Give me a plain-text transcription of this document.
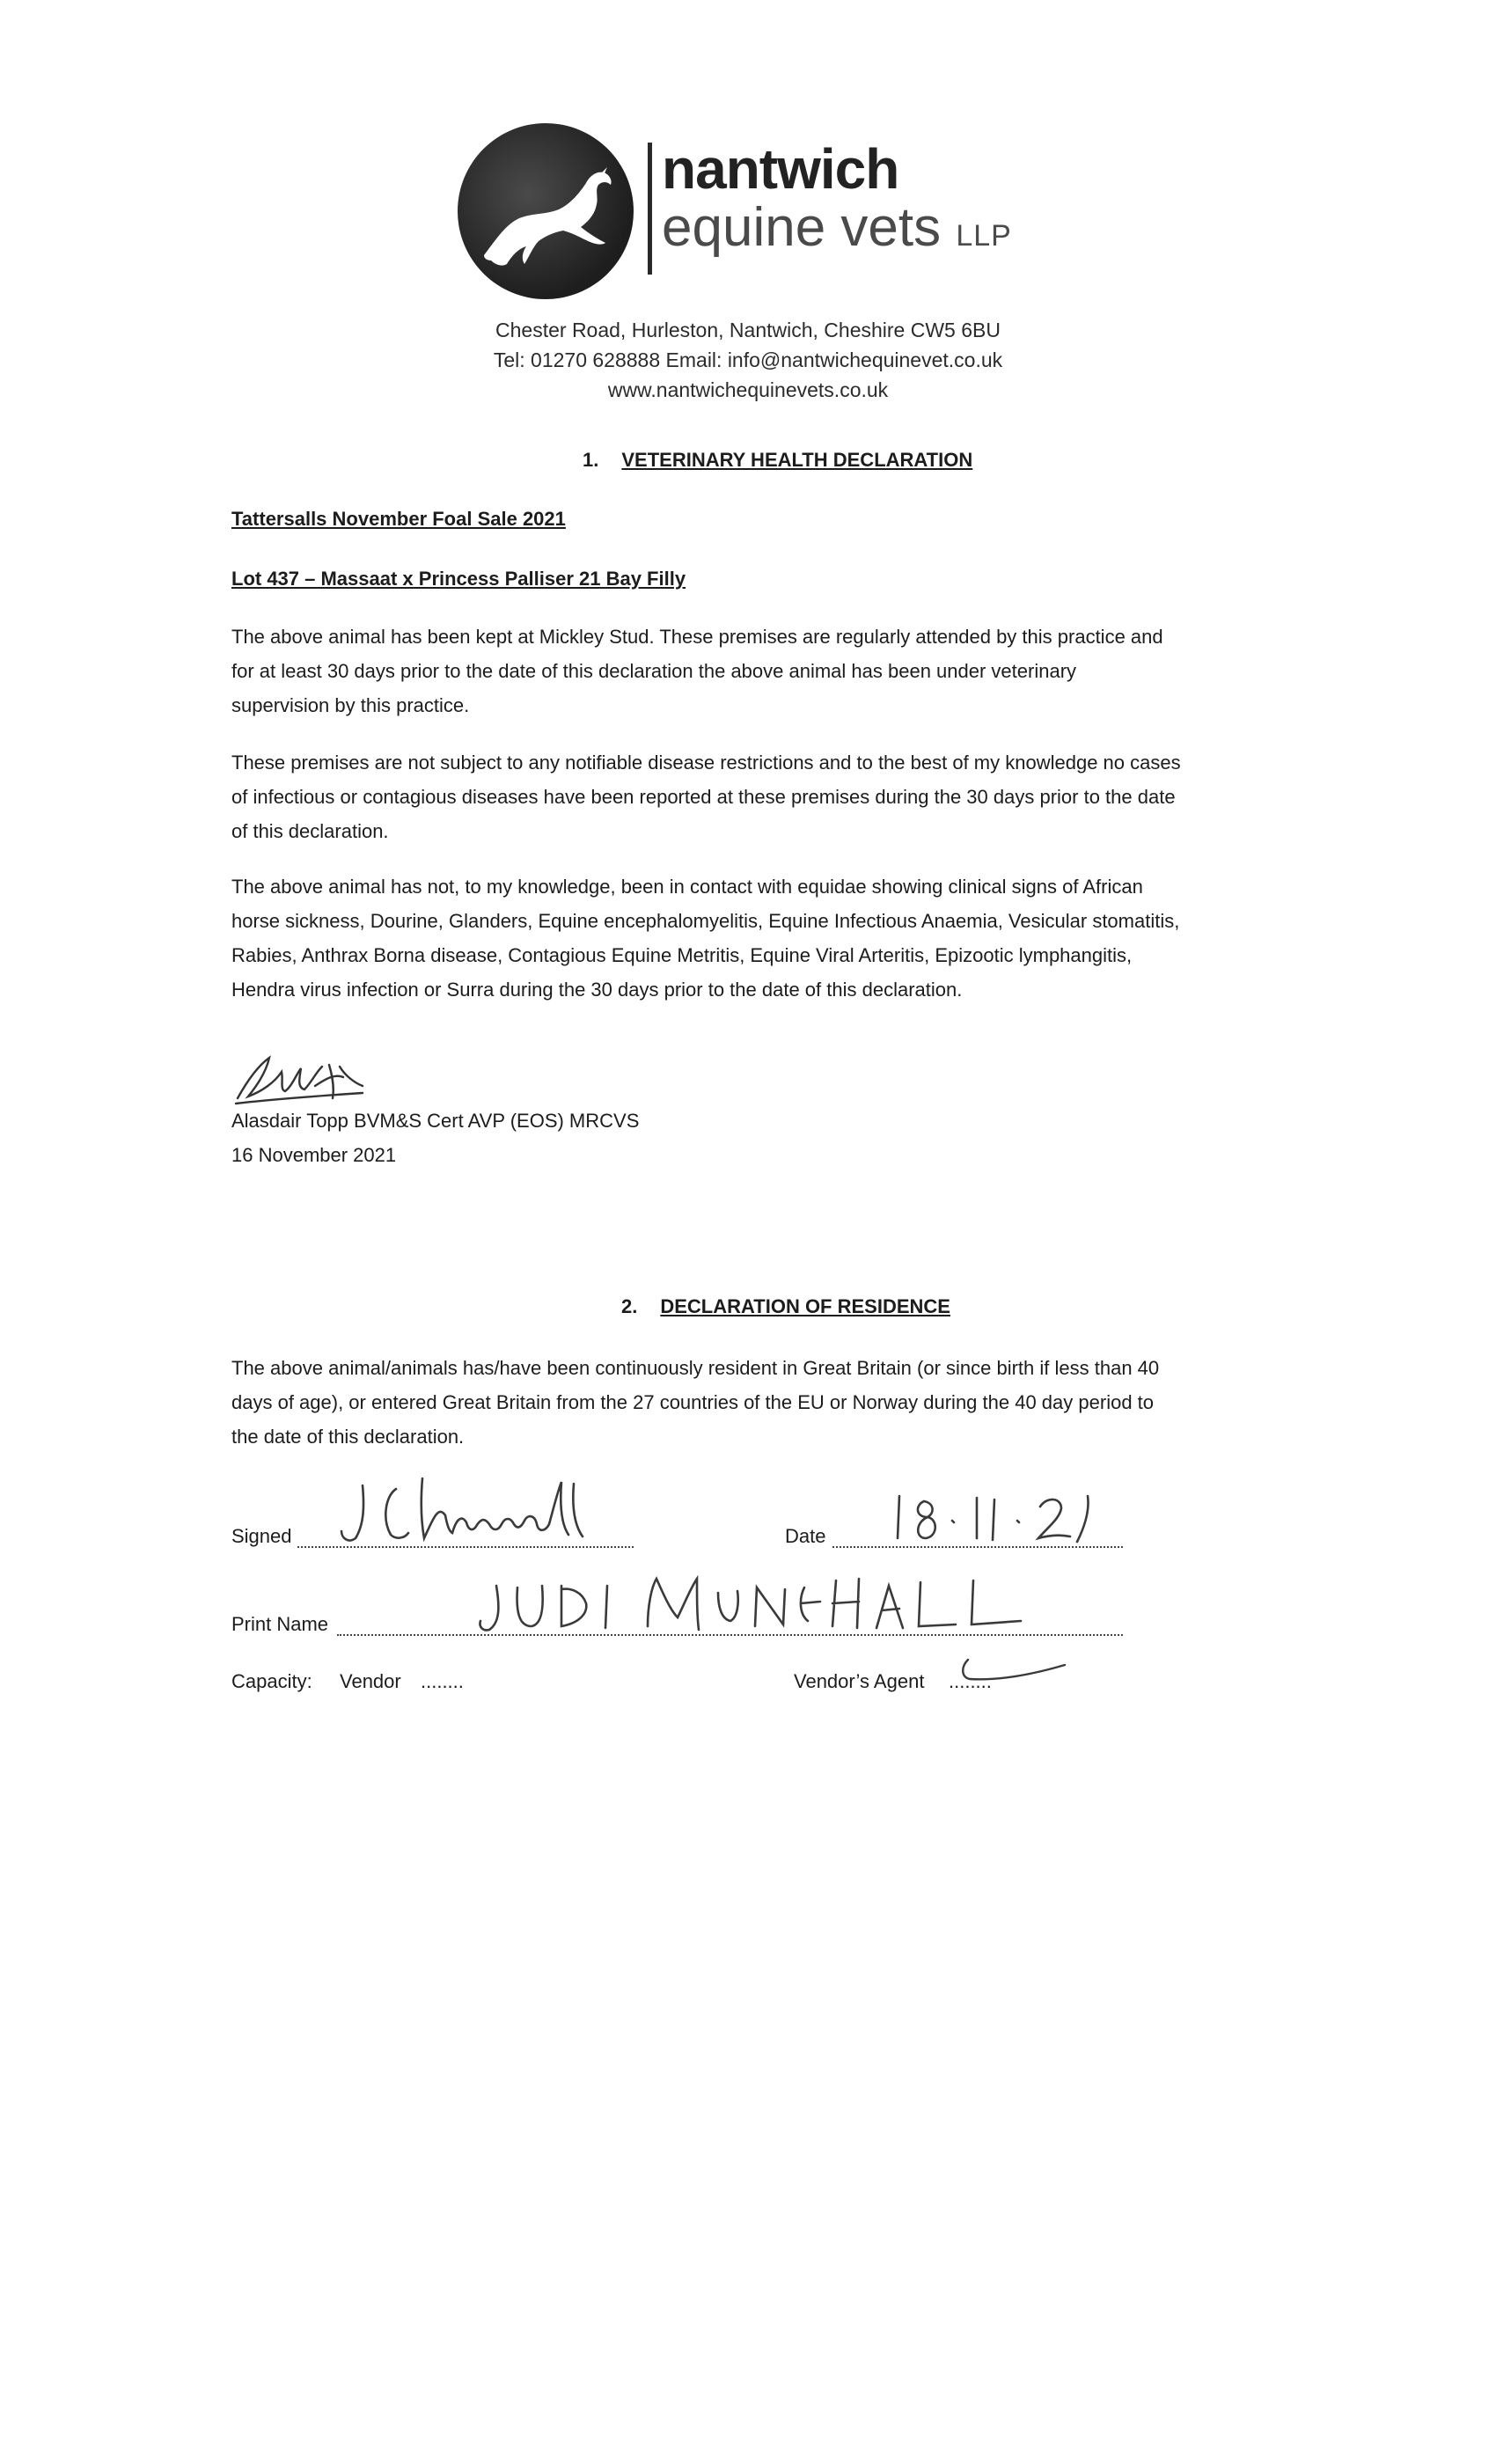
nantwich
equine vets LLP
Chester Road, Hurleston, Nantwich, Cheshire CW5 6BU
Tel: 01270 628888 Email: info@nantwichequinevet.co.uk
www.nantwichequinevets.co.uk
1. VETERINARY HEALTH DECLARATION
Tattersalls November Foal Sale 2021
Lot 437 – Massaat x Princess Palliser 21 Bay Filly
The above animal has been kept at Mickley Stud. These premises are regularly attended by this practice and
for at least 30 days prior to the date of this declaration the above animal has been under veterinary
supervision by this practice.
These premises are not subject to any notifiable disease restrictions and to the best of my knowledge no cases
of infectious or contagious diseases have been reported at these premises during the 30 days prior to the date
of this declaration.
The above animal has not, to my knowledge, been in contact with equidae showing clinical signs of African
horse sickness, Dourine, Glanders, Equine encephalomyelitis, Equine Infectious Anaemia, Vesicular stomatitis,
Rabies, Anthrax Borna disease, Contagious Equine Metritis, Equine Viral Arteritis, Epizootic lymphangitis,
Hendra virus infection or Surra during the 30 days prior to the date of this declaration.
Alasdair Topp BVM&S Cert AVP (EOS) MRCVS
16 November 2021
2. DECLARATION OF RESIDENCE
The above animal/animals has/have been continuously resident in Great Britain (or since birth if less than 40
days of age), or entered Great Britain from the 27 countries of the EU or Norway during the 40 day period to
the date of this declaration.
Signed	Date
Print Name
Capacity: Vendor ........	Vendor’s Agent ........
